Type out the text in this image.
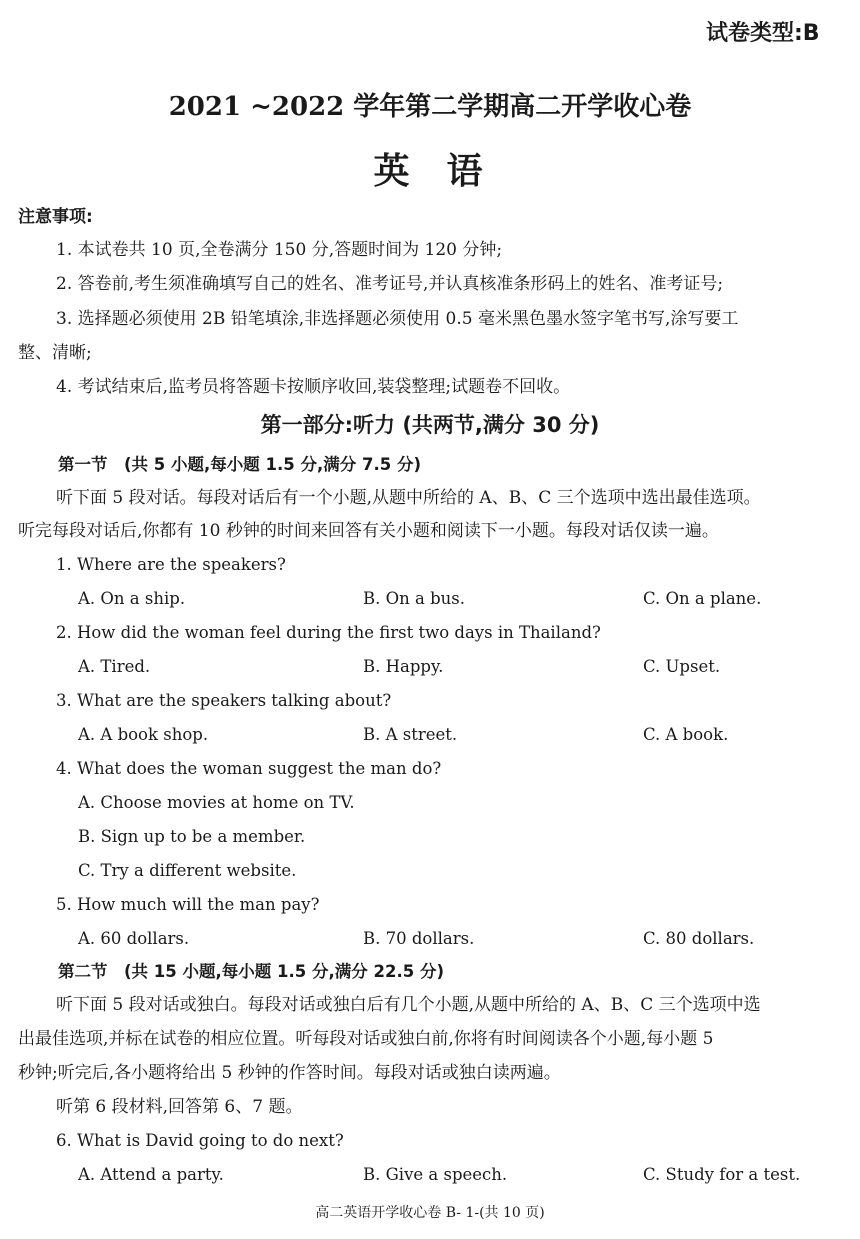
试卷类型:B
2021 ~2022 学年第二学期高二开学收心卷
英  语
注意事项:
1. 本试卷共 10 页,全卷满分 150 分,答题时间为 120 分钟;
2. 答卷前,考生须准确填写自己的姓名、准考证号,并认真核准条形码上的姓名、准考证号;
3. 选择题必须使用 2B 铅笔填涂,非选择题必须使用 0.5 毫米黑色墨水签字笔书写,涂写要工
整、清晰;
4. 考试结束后,监考员将答题卡按顺序收回,装袋整理;试题卷不回收。
第一部分:听力 (共两节,满分 30 分)
第一节　(共 5 小题,每小题 1.5 分,满分 7.5 分)
听下面 5 段对话。每段对话后有一个小题,从题中所给的 A、B、C 三个选项中选出最佳选项。
听完每段对话后,你都有 10 秒钟的时间来回答有关小题和阅读下一小题。每段对话仅读一遍。
1. Where are the speakers?
A. On a ship.	B. On a bus.	C. On a plane.
2. How did the woman feel during the first two days in Thailand?
A. Tired.	B. Happy.	C. Upset.
3. What are the speakers talking about?
A. A book shop.	B. A street.	C. A book.
4. What does the woman suggest the man do?
A. Choose movies at home on TV.
B. Sign up to be a member.
C. Try a different website.
5. How much will the man pay?
A. 60 dollars.	B. 70 dollars.	C. 80 dollars.
第二节　(共 15 小题,每小题 1.5 分,满分 22.5 分)
听下面 5 段对话或独白。每段对话或独白后有几个小题,从题中所给的 A、B、C 三个选项中选
出最佳选项,并标在试卷的相应位置。听每段对话或独白前,你将有时间阅读各个小题,每小题 5
秒钟;听完后,各小题将给出 5 秒钟的作答时间。每段对话或独白读两遍。
听第 6 段材料,回答第 6、7 题。
6. What is David going to do next?
A. Attend a party.	B. Give a speech.	C. Study for a test.
高二英语开学收心卷 B- 1-(共 10 页)
